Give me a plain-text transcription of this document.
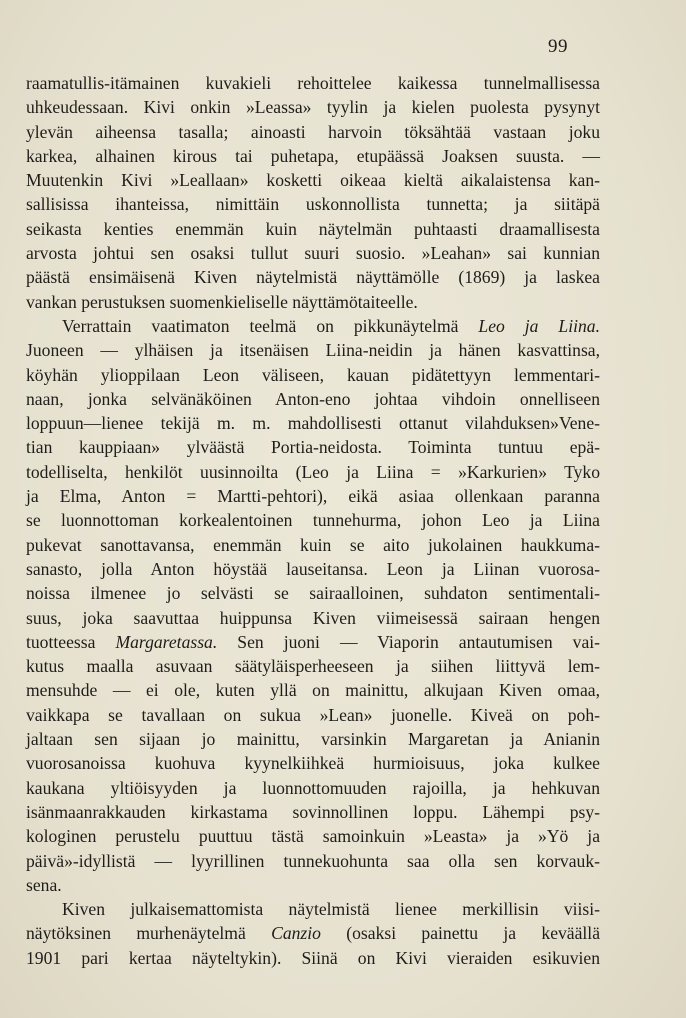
99
raamatullis-itämainen kuvakieli rehoittelee kaikessa tunnelmallisessa
uhkeudessaan. Kivi onkin »Leassa» tyylin ja kielen puolesta pysynyt
ylevän aiheensa tasalla; ainoasti harvoin töksähtää vastaan joku
karkea, alhainen kirous tai puhetapa, etupäässä Joaksen suusta. —
Muutenkin Kivi »Leallaan» kosketti oikeaa kieltä aikalaistensa kan-
sallisissa ihanteissa, nimittäin uskonnollista tunnetta; ja siitäpä
seikasta kenties enemmän kuin näytelmän puhtaasti draamallisesta
arvosta johtui sen osaksi tullut suuri suosio. »Leahan» sai kunnian
päästä ensimäisenä Kiven näytelmistä näyttämölle (1869) ja laskea
vankan perustuksen suomenkieliselle näyttämötaiteelle.
Verrattain vaatimaton teelmä on pikkunäytelmä Leo ja Liina.
Juoneen — ylhäisen ja itsenäisen Liina-neidin ja hänen kasvattinsa,
köyhän ylioppilaan Leon väliseen, kauan pidätettyyn lemmentari-
naan, jonka selvänäköinen Anton-eno johtaa vihdoin onnelliseen
loppuun—lienee tekijä m. m. mahdollisesti ottanut vilahduksen»Vene-
tian kauppiaan» ylväästä Portia-neidosta. Toiminta tuntuu epä-
todelliselta, henkilöt uusinnoilta (Leo ja Liina = »Karkurien» Tyko
ja Elma, Anton = Martti-pehtori), eikä asiaa ollenkaan paranna
se luonnottoman korkealentoinen tunnehurma, johon Leo ja Liina
pukevat sanottavansa, enemmän kuin se aito jukolainen haukkuma-
sanasto, jolla Anton höystää lauseitansa. Leon ja Liinan vuorosa-
noissa ilmenee jo selvästi se sairaalloinen, suhdaton sentimentali-
suus, joka saavuttaa huippunsa Kiven viimeisessä sairaan hengen
tuotteessa Margaretassa. Sen juoni — Viaporin antautumisen vai-
kutus maalla asuvaan säätyläisperheeseen ja siihen liittyvä lem-
mensuhde — ei ole, kuten yllä on mainittu, alkujaan Kiven omaa,
vaikkapa se tavallaan on sukua »Lean» juonelle. Kiveä on poh-
jaltaan sen sijaan jo mainittu, varsinkin Margaretan ja Anianin
vuorosanoissa kuohuva kyynelkiihkeä hurmioisuus, joka kulkee
kaukana yltiöisyyden ja luonnottomuuden rajoilla, ja hehkuvan
isänmaanrakkauden kirkastama sovinnollinen loppu. Lähempi psy-
kologinen perustelu puuttuu tästä samoinkuin »Leasta» ja »Yö ja
päivä»-idyllistä — lyyrillinen tunnekuohunta saa olla sen korvauk-
sena.
Kiven julkaisemattomista näytelmistä lienee merkillisin viisi-
näytöksinen murhenäytelmä Canzio (osaksi painettu ja keväällä
1901 pari kertaa näyteltykin). Siinä on Kivi vieraiden esikuvien
